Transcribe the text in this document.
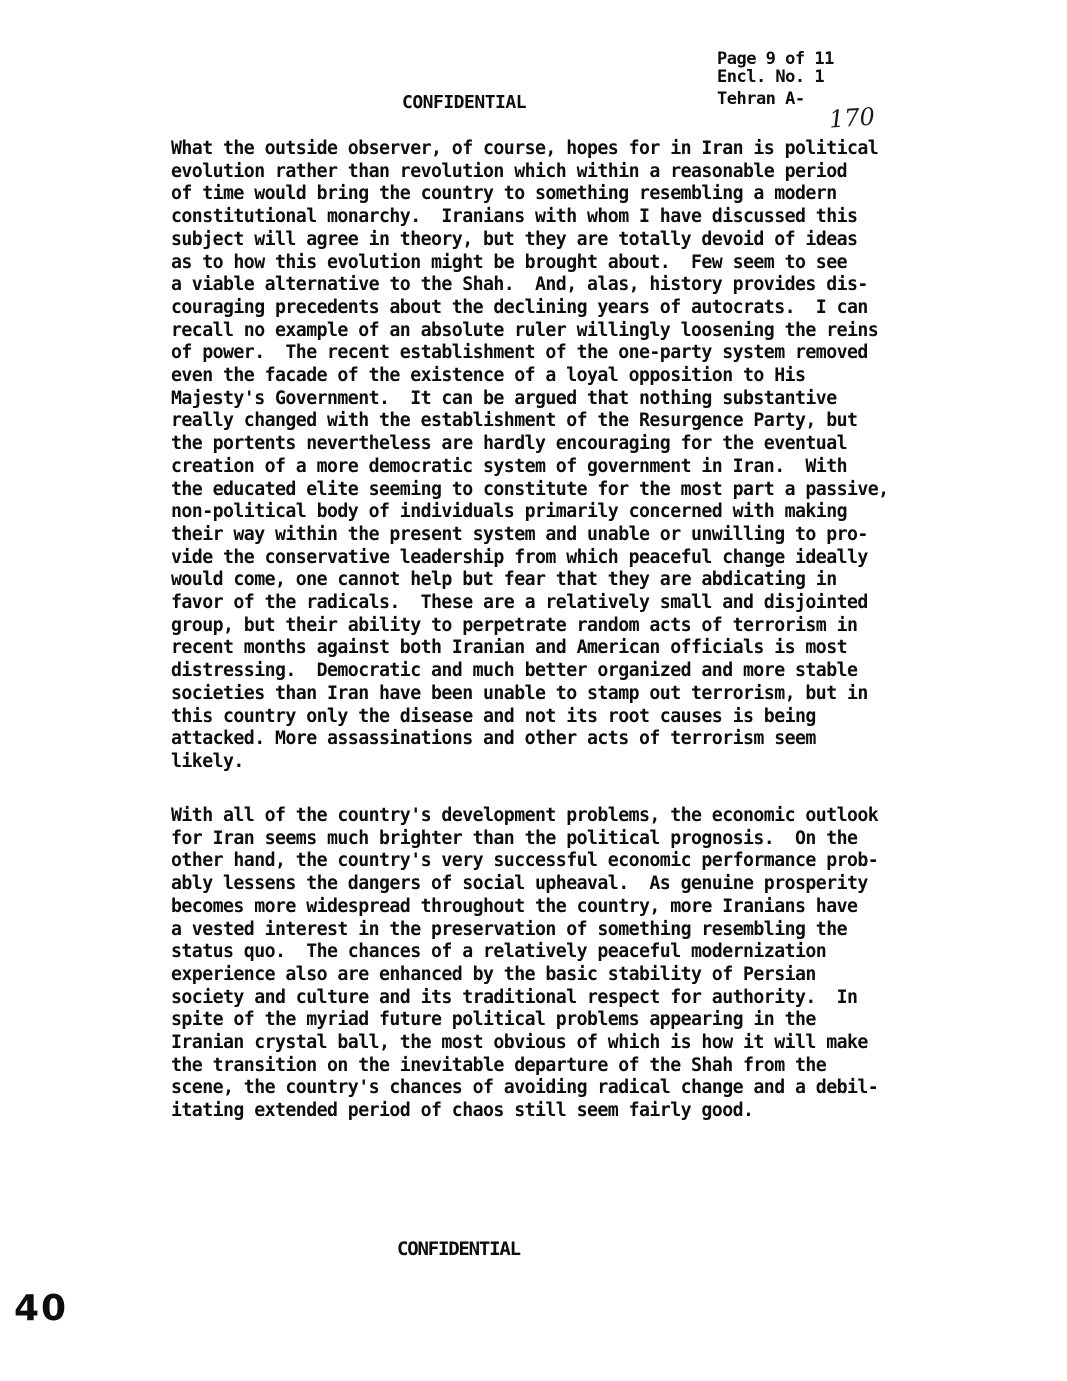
Page 9 of 11
Encl. No. 1
Tehran A-
CONFIDENTIAL	170
What the outside observer, of course, hopes for in Iran is political
evolution rather than revolution which within a reasonable period
of time would bring the country to something resembling a modern
constitutional monarchy.  Iranians with whom I have discussed this
subject will agree in theory, but they are totally devoid of ideas
as to how this evolution might be brought about.  Few seem to see
a viable alternative to the Shah.  And, alas, history provides dis-
couraging precedents about the declining years of autocrats.  I can
recall no example of an absolute ruler willingly loosening the reins
of power.  The recent establishment of the one-party system removed
even the facade of the existence of a loyal opposition to His
Majesty's Government.  It can be argued that nothing substantive
really changed with the establishment of the Resurgence Party, but
the portents nevertheless are hardly encouraging for the eventual
creation of a more democratic system of government in Iran.  With
the educated elite seeming to constitute for the most part a passive,
non-political body of individuals primarily concerned with making
their way within the present system and unable or unwilling to pro-
vide the conservative leadership from which peaceful change ideally
would come, one cannot help but fear that they are abdicating in
favor of the radicals.  These are a relatively small and disjointed
group, but their ability to perpetrate random acts of terrorism in
recent months against both Iranian and American officials is most
distressing.  Democratic and much better organized and more stable
societies than Iran have been unable to stamp out terrorism, but in
this country only the disease and not its root causes is being
attacked. More assassinations and other acts of terrorism seem
likely.
With all of the country's development problems, the economic outlook
for Iran seems much brighter than the political prognosis.  On the
other hand, the country's very successful economic performance prob-
ably lessens the dangers of social upheaval.  As genuine prosperity
becomes more widespread throughout the country, more Iranians have
a vested interest in the preservation of something resembling the
status quo.  The chances of a relatively peaceful modernization
experience also are enhanced by the basic stability of Persian
society and culture and its traditional respect for authority.  In
spite of the myriad future political problems appearing in the
Iranian crystal ball, the most obvious of which is how it will make
the transition on the inevitable departure of the Shah from the
scene, the country's chances of avoiding radical change and a debil-
itating extended period of chaos still seem fairly good.
CONFIDENTIAL
40
